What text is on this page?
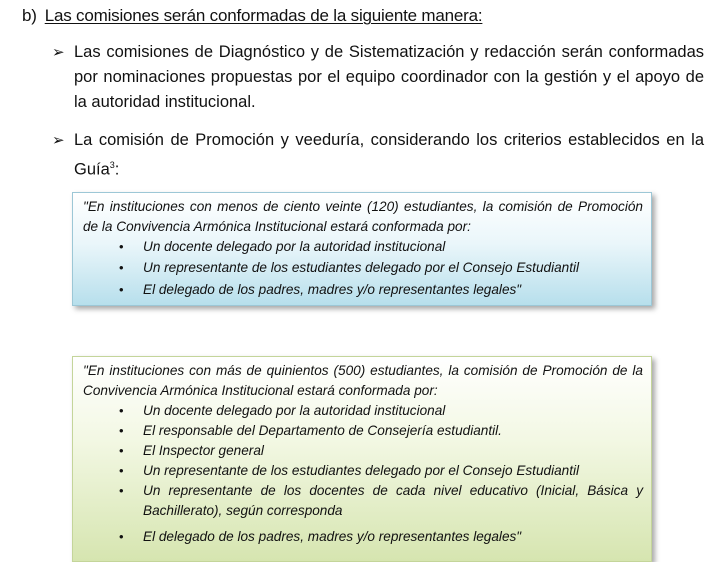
b) Las comisiones serán conformadas de la siguiente manera:
➢ Las comisiones de Diagnóstico y de Sistematización y redacción serán conformadas por nominaciones propuestas por el equipo coordinador con la gestión y el apoyo de la autoridad institucional.
➢ La comisión de Promoción y veeduría, considerando los criterios establecidos en la Guía$^3$:
"En instituciones con menos de ciento veinte (120) estudiantes, la comisión de Promoción de la Convivencia Armónica Institucional estará conformada por:
• Un docente delegado por la autoridad institucional
• Un representante de los estudiantes delegado por el Consejo Estudiantil
• El delegado de los padres, madres y/o representantes legales"
"En instituciones con más de quinientos (500) estudiantes, la comisión de Promoción de la Convivencia Armónica Institucional estará conformada por:
• Un docente delegado por la autoridad institucional
• El responsable del Departamento de Consejería estudiantil.
• El Inspector general
• Un representante de los estudiantes delegado por el Consejo Estudiantil
• Un representante de los docentes de cada nivel educativo (Inicial, Básica y Bachillerato), según corresponda
• El delegado de los padres, madres y/o representantes legales"
